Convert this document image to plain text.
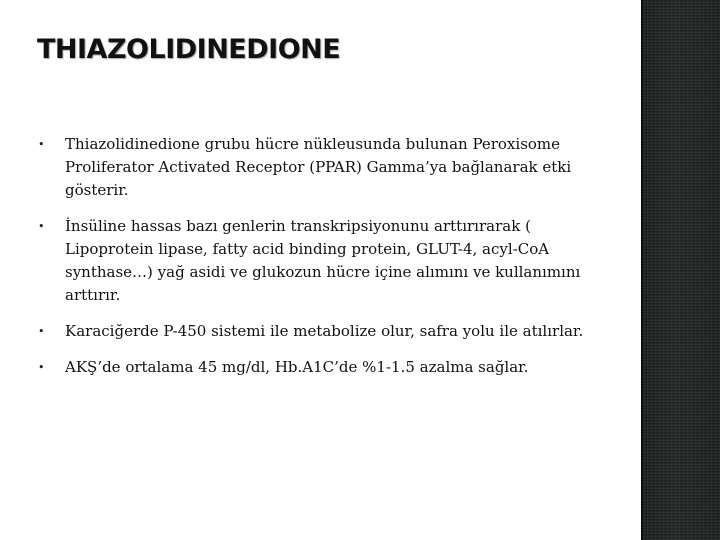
THIAZOLIDINEDIONE
• Thiazolidinedione grubu hücre nükleusunda bulunan Peroxisome Proliferator Activated Receptor (PPAR) Gamma’ya bağlanarak etki gösterir.
• İnsüline hassas bazı genlerin transkripsiyonunu arttırırarak ( Lipoprotein lipase, fatty acid binding protein, GLUT-4, acyl-CoA synthase…) yağ asidi ve glukozun hücre içine alımını ve kullanımını arttırır.
• Karaciğerde P-450 sistemi ile metabolize olur, safra yolu ile atılırlar.
• AKŞ’de ortalama 45 mg/dl, Hb.A1C’de %1-1.5 azalma sağlar.
